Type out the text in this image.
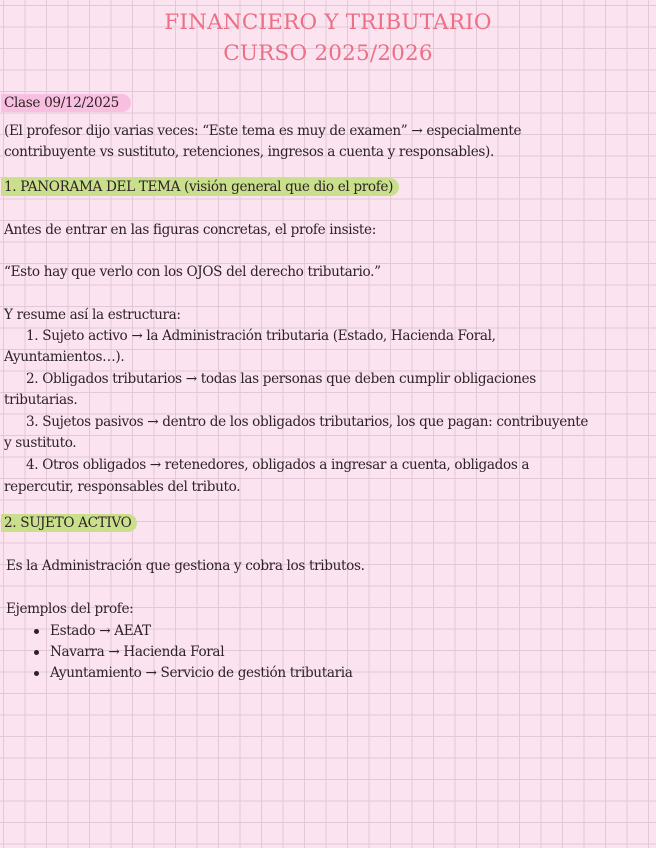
FINANCIERO Y TRIBUTARIO
CURSO 2025/2026
Clase 09/12/2025
(El profesor dijo varias veces: “Este tema es muy de examen” → especialmente
contribuyente vs sustituto, retenciones, ingresos a cuenta y responsables).
1. PANORAMA DEL TEMA (visión general que dio el profe)
Antes de entrar en las figuras concretas, el profe insiste:
“Esto hay que verlo con los OJOS del derecho tributario.”
Y resume así la estructura:
1. Sujeto activo → la Administración tributaria (Estado, Hacienda Foral,
Ayuntamientos…).
2. Obligados tributarios → todas las personas que deben cumplir obligaciones
tributarias.
3. Sujetos pasivos → dentro de los obligados tributarios, los que pagan: contribuyente
y sustituto.
4. Otros obligados → retenedores, obligados a ingresar a cuenta, obligados a
repercutir, responsables del tributo.
2. SUJETO ACTIVO
Es la Administración que gestiona y cobra los tributos.
Ejemplos del profe:
Estado → AEAT
Navarra → Hacienda Foral
Ayuntamiento → Servicio de gestión tributaria
